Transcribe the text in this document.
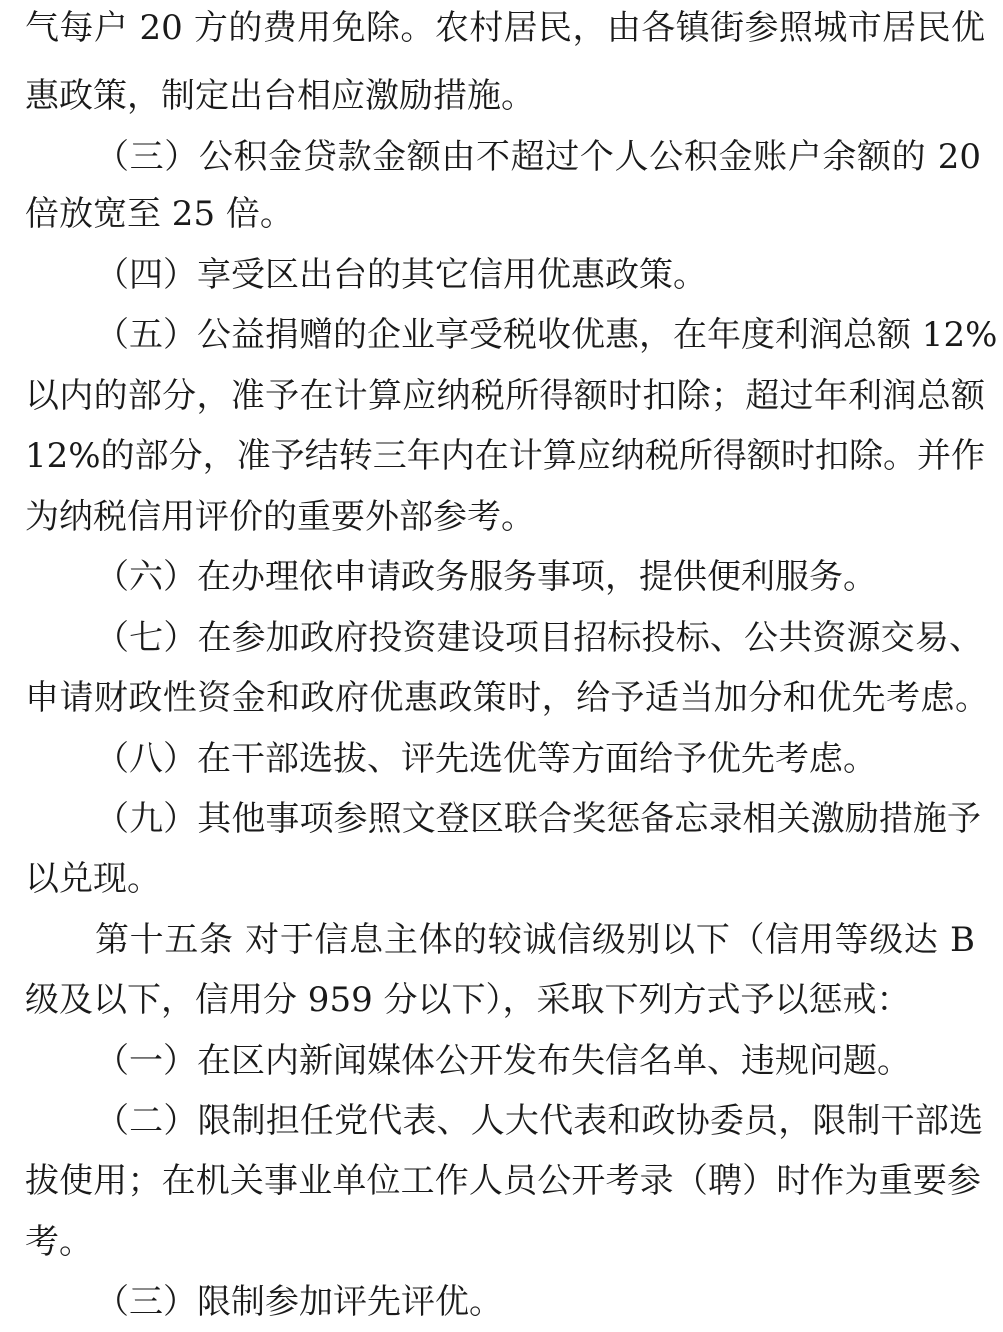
气每户 20 方的费用免除。农村居民，由各镇街参照城市居民优
惠政策，制定出台相应激励措施。
（三）公积金贷款金额由不超过个人公积金账户余额的 20
倍放宽至 25 倍。
（四）享受区出台的其它信用优惠政策。
（五）公益捐赠的企业享受税收优惠，在年度利润总额 12%
以内的部分，准予在计算应纳税所得额时扣除；超过年利润总额
12%的部分，准予结转三年内在计算应纳税所得额时扣除。并作
为纳税信用评价的重要外部参考。
（六）在办理依申请政务服务事项，提供便利服务。
（七）在参加政府投资建设项目招标投标、公共资源交易、
申请财政性资金和政府优惠政策时，给予适当加分和优先考虑。
（八）在干部选拔、评先选优等方面给予优先考虑。
（九）其他事项参照文登区联合奖惩备忘录相关激励措施予
以兑现。
第十五条 对于信息主体的较诚信级别以下（信用等级达 B
级及以下，信用分 959 分以下），采取下列方式予以惩戒：
（一）在区内新闻媒体公开发布失信名单、违规问题。
（二）限制担任党代表、人大代表和政协委员，限制干部选
拔使用；在机关事业单位工作人员公开考录（聘）时作为重要参
考。
（三）限制参加评先评优。
